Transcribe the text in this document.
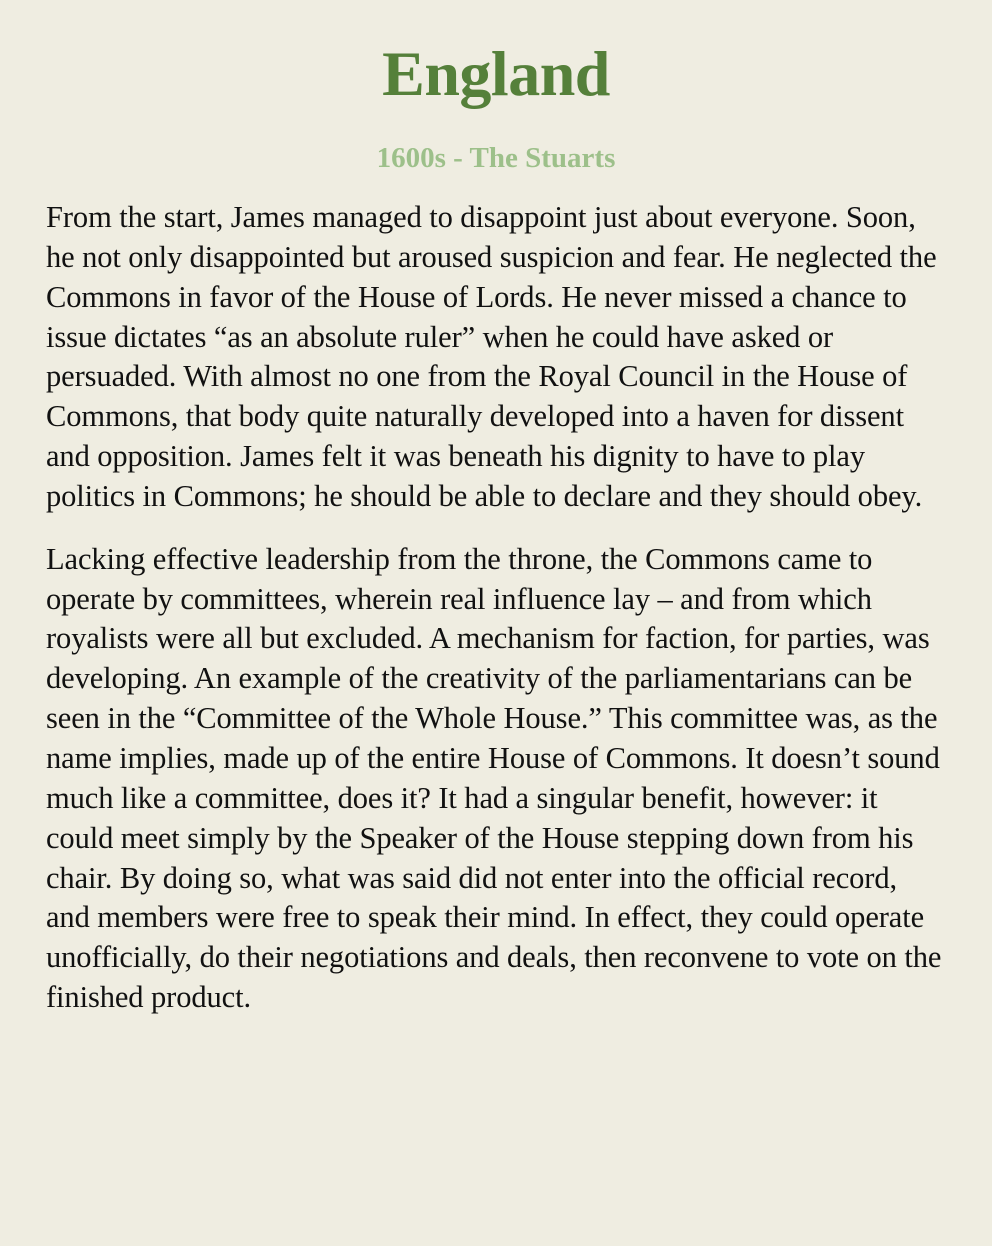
England
1600s - The Stuarts

From the start, James managed to disappoint just about everyone. Soon, he not only disappointed but aroused suspicion and fear. He neglected the Commons in favor of the House of Lords. He never missed a chance to issue dictates “as an absolute ruler” when he could have asked or persuaded. With almost no one from the Royal Council in the House of Commons, that body quite naturally developed into a haven for dissent and opposition. James felt it was beneath his dignity to have to play politics in Commons; he should be able to declare and they should obey.

Lacking effective leadership from the throne, the Commons came to operate by committees, wherein real influence lay – and from which royalists were all but excluded. A mechanism for faction, for parties, was developing. An example of the creativity of the parliamentarians can be seen in the “Committee of the Whole House.” This committee was, as the name implies, made up of the entire House of Commons. It doesn’t sound much like a committee, does it? It had a singular benefit, however: it could meet simply by the Speaker of the House stepping down from his chair. By doing so, what was said did not enter into the official record, and members were free to speak their mind. In effect, they could operate unofficially, do their negotiations and deals, then reconvene to vote on the finished product.
